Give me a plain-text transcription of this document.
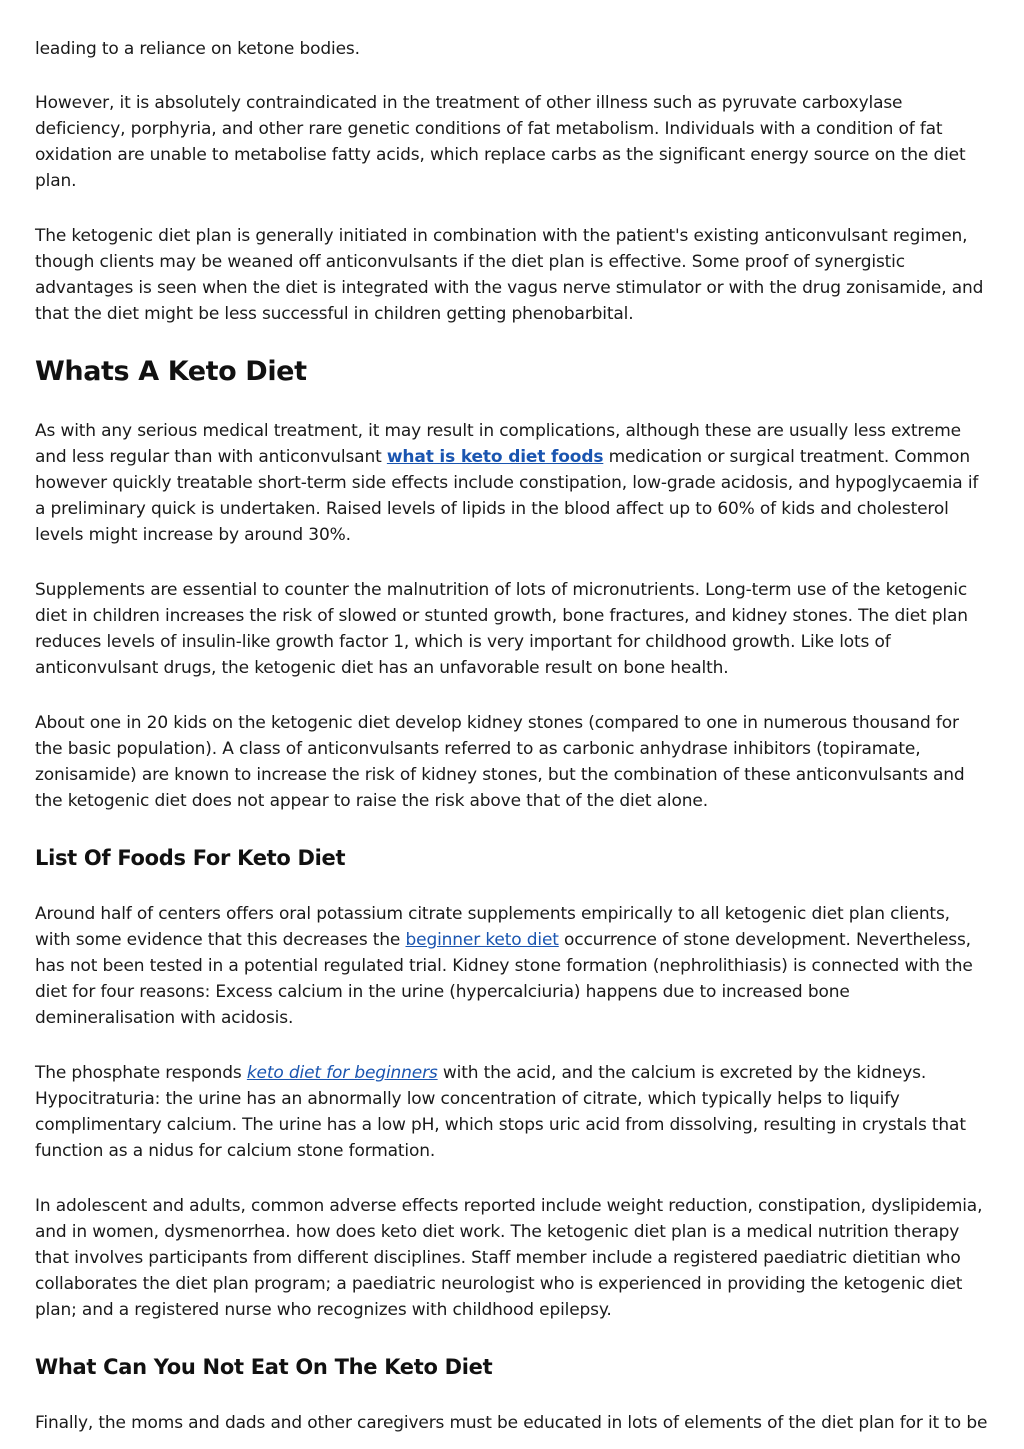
leading to a reliance on ketone bodies.

However, it is absolutely contraindicated in the treatment of other illness such as pyruvate carboxylase deficiency, porphyria, and other rare genetic conditions of fat metabolism. Individuals with a condition of fat oxidation are unable to metabolise fatty acids, which replace carbs as the significant energy source on the diet plan.

The ketogenic diet plan is generally initiated in combination with the patient's existing anticonvulsant regimen, though clients may be weaned off anticonvulsants if the diet plan is effective. Some proof of synergistic advantages is seen when the diet is integrated with the vagus nerve stimulator or with the drug zonisamide, and that the diet might be less successful in children getting phenobarbital.

Whats A Keto Diet

As with any serious medical treatment, it may result in complications, although these are usually less extreme and less regular than with anticonvulsant what is keto diet foods medication or surgical treatment. Common however quickly treatable short-term side effects include constipation, low-grade acidosis, and hypoglycaemia if a preliminary quick is undertaken. Raised levels of lipids in the blood affect up to 60% of kids and cholesterol levels might increase by around 30%.

Supplements are essential to counter the malnutrition of lots of micronutrients. Long-term use of the ketogenic diet in children increases the risk of slowed or stunted growth, bone fractures, and kidney stones. The diet plan reduces levels of insulin-like growth factor 1, which is very important for childhood growth. Like lots of anticonvulsant drugs, the ketogenic diet has an unfavorable result on bone health.

About one in 20 kids on the ketogenic diet develop kidney stones (compared to one in numerous thousand for the basic population). A class of anticonvulsants referred to as carbonic anhydrase inhibitors (topiramate, zonisamide) are known to increase the risk of kidney stones, but the combination of these anticonvulsants and the ketogenic diet does not appear to raise the risk above that of the diet alone.

List Of Foods For Keto Diet

Around half of centers offers oral potassium citrate supplements empirically to all ketogenic diet plan clients, with some evidence that this decreases the beginner keto diet occurrence of stone development. Nevertheless, has not been tested in a potential regulated trial. Kidney stone formation (nephrolithiasis) is connected with the diet for four reasons: Excess calcium in the urine (hypercalciuria) happens due to increased bone demineralisation with acidosis.

The phosphate responds keto diet for beginners with the acid, and the calcium is excreted by the kidneys. Hypocitraturia: the urine has an abnormally low concentration of citrate, which typically helps to liquify complimentary calcium. The urine has a low pH, which stops uric acid from dissolving, resulting in crystals that function as a nidus for calcium stone formation.

In adolescent and adults, common adverse effects reported include weight reduction, constipation, dyslipidemia, and in women, dysmenorrhea. how does keto diet work. The ketogenic diet plan is a medical nutrition therapy that involves participants from different disciplines. Staff member include a registered paediatric dietitian who collaborates the diet plan program; a paediatric neurologist who is experienced in providing the ketogenic diet plan; and a registered nurse who recognizes with childhood epilepsy.

What Can You Not Eat On The Keto Diet

Finally, the moms and dads and other caregivers must be educated in lots of elements of the diet plan for it to be
